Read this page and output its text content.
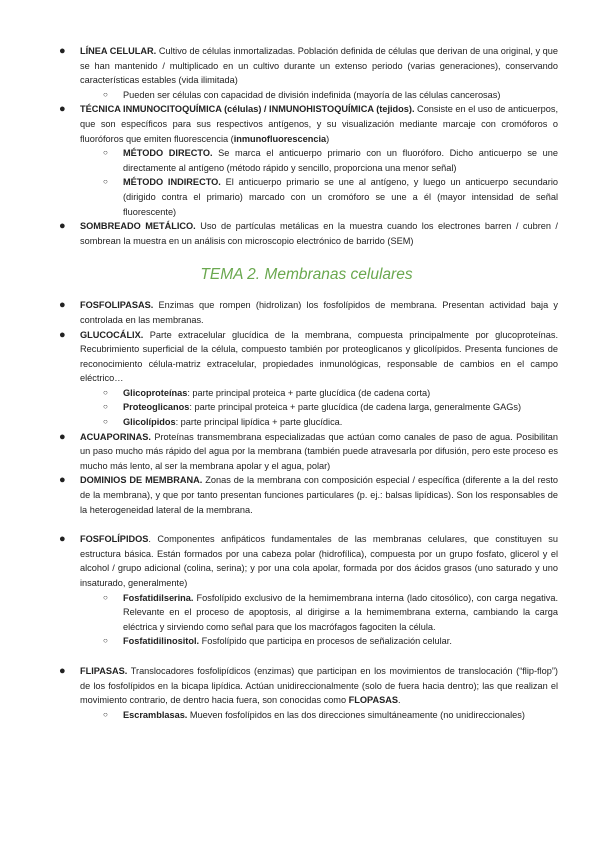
● LÍNEA CELULAR. Cultivo de células inmortalizadas. Población definida de células que derivan de una original, y que se han mantenido / multiplicado en un cultivo durante un extenso periodo (varias generaciones), conservando características estables (vida ilimitada)
○ Pueden ser células con capacidad de división indefinida (mayoría de las células cancerosas)
● TÉCNICA INMUNOCITOQUÍMICA (células) / INMUNOHISTOQUÍMICA (tejidos). Consiste en el uso de anticuerpos, que son específicos para sus respectivos antígenos, y su visualización mediante marcaje con cromóforos o fluoróforos que emiten fluorescencia (inmunofluorescencia)
○ MÉTODO DIRECTO. Se marca el anticuerpo primario con un fluoróforo. Dicho anticuerpo se une directamente al antígeno (método rápido y sencillo, proporciona una menor señal)
○ MÉTODO INDIRECTO. El anticuerpo primario se une al antígeno, y luego un anticuerpo secundario (dirigido contra el primario) marcado con un cromóforo se une a él (mayor intensidad de señal fluorescente)
● SOMBREADO METÁLICO. Uso de partículas metálicas en la muestra cuando los electrones barren / cubren / sombrean la muestra en un análisis con microscopio electrónico de barrido (SEM)
TEMA 2. Membranas celulares
● FOSFOLIPASAS. Enzimas que rompen (hidrolizan) los fosfolípidos de membrana. Presentan actividad baja y controlada en las membranas.
● GLUCOCÁLIX. Parte extracelular glucídica de la membrana, compuesta principalmente por glucoproteínas. Recubrimiento superficial de la célula, compuesto también por proteoglicanos y glicolípidos. Presenta funciones de reconocimiento célula-matriz extracelular, propiedades inmunológicas, responsable de cambios en el campo eléctrico…
○ Glicoproteínas: parte principal proteica + parte glucídica (de cadena corta)
○ Proteoglicanos: parte principal proteica + parte glucídica (de cadena larga, generalmente GAGs)
○ Glicolípidos: parte principal lipídica + parte glucídica.
● ACUAPORINAS. Proteínas transmembrana especializadas que actúan como canales de paso de agua. Posibilitan un paso mucho más rápido del agua por la membrana (también puede atravesarla por difusión, pero este proceso es mucho más lento, al ser la membrana apolar y el agua, polar)
● DOMINIOS DE MEMBRANA. Zonas de la membrana con composición especial / específica (diferente a la del resto de la membrana), y que por tanto presentan funciones particulares (p. ej.: balsas lipídicas). Son los responsables de la heterogeneidad lateral de la membrana.
● FOSFOLÍPIDOS. Componentes anfipáticos fundamentales de las membranas celulares, que constituyen su estructura básica. Están formados por una cabeza polar (hidrofílica), compuesta por un grupo fosfato, glicerol y el alcohol / grupo adicional (colina, serina); y por una cola apolar, formada por dos ácidos grasos (uno saturado y uno insaturado, generalmente)
○ Fosfatidilserina. Fosfolípido exclusivo de la hemimembrana interna (lado citosólico), con carga negativa. Relevante en el proceso de apoptosis, al dirigirse a la hemimembrana externa, cambiando la carga eléctrica y sirviendo como señal para que los macrófagos fagociten la célula.
○ Fosfatidilinositol. Fosfolípido que participa en procesos de señalización celular.
● FLIPASAS. Translocadores fosfolipídicos (enzimas) que participan en los movimientos de translocación (“flip-flop”) de los fosfolípidos en la bicapa lipídica. Actúan unidireccionalmente (solo de fuera hacia dentro); las que realizan el movimiento contrario, de dentro hacia fuera, son conocidas como FLOPASAS.
○ Escramblasas. Mueven fosfolípidos en las dos direcciones simultáneamente (no unidireccionales)
